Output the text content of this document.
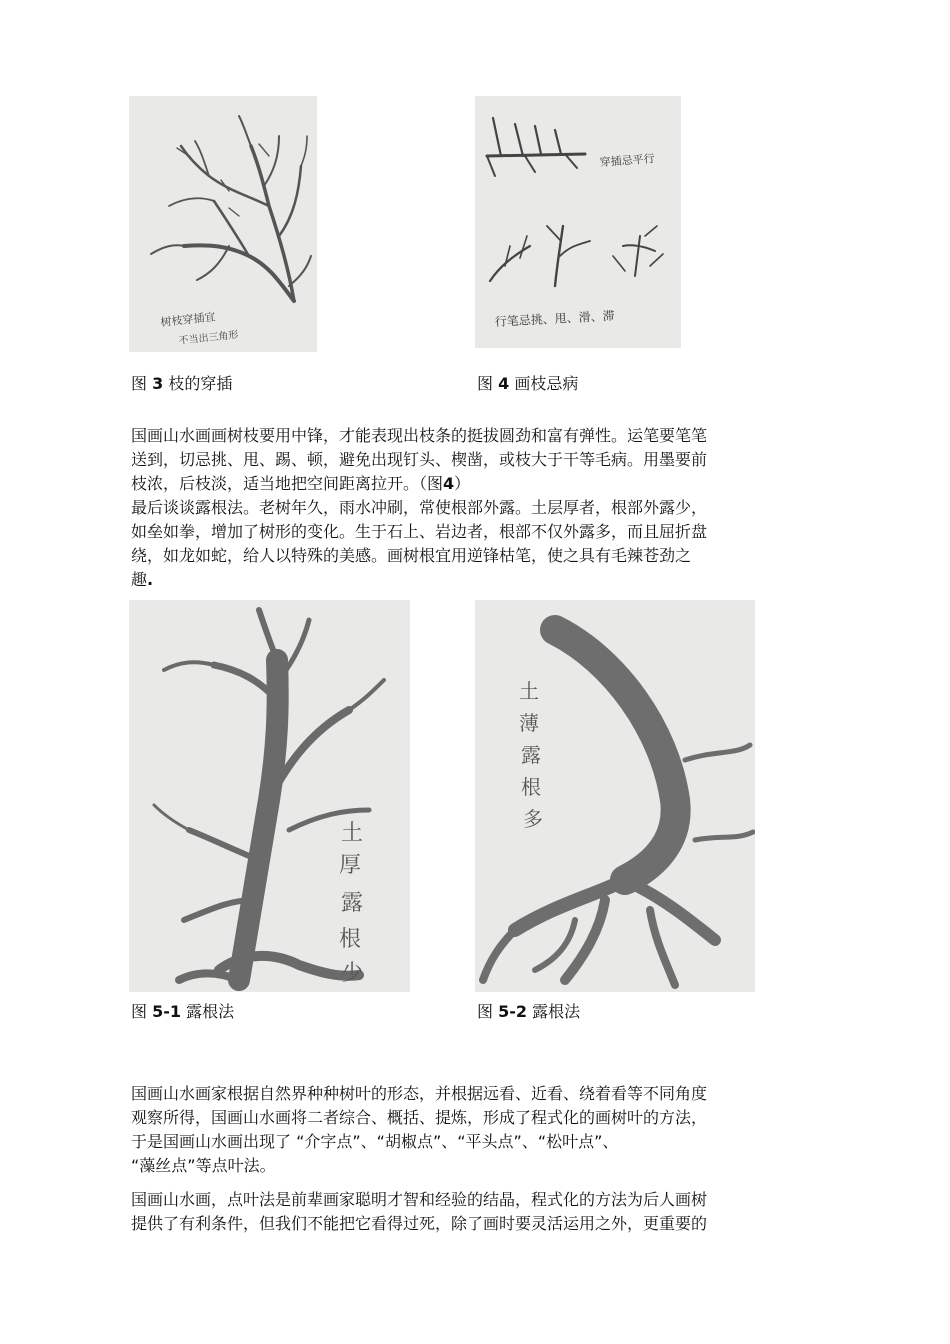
树枝穿插宜
不当出三角形
穿插忌平行
行笔忌挑、甩、滑、滞
图 3 枝的穿插	图 4 画枝忌病
国画山水画画树枝要用中锋，才能表现出枝条的挺拔圆劲和富有弹性。运笔要笔笔
送到，切忌挑、甩、踢、顿，避免出现钉头、楔凿，或枝大于干等毛病。用墨要前
枝浓，后枝淡，适当地把空间距离拉开。（图4）
最后谈谈露根法。老树年久，雨水冲刷，常使根部外露。土层厚者，根部外露少，
如垒如拳，增加了树形的变化。生于石上、岩边者，根部不仅外露多，而且屈折盘
绕，如龙如蛇，给人以特殊的美感。画树根宜用逆锋枯笔，使之具有毛辣苍劲之
趣.
土
厚
露
根
少
土
薄
露
根
多
图 5-1 露根法	图 5-2 露根法
国画山水画家根据自然界种种树叶的形态，并根据远看、近看、绕着看等不同角度
观察所得，国画山水画将二者综合、概括、提炼，形成了程式化的画树叶的方法，
于是国画山水画出现了 “介字点”、“胡椒点”、“平头点”、“松叶点”、
“藻丝点”等点叶法。
国画山水画，点叶法是前辈画家聪明才智和经验的结晶，程式化的方法为后人画树
提供了有利条件，但我们不能把它看得过死，除了画时要灵活运用之外，更重要的
